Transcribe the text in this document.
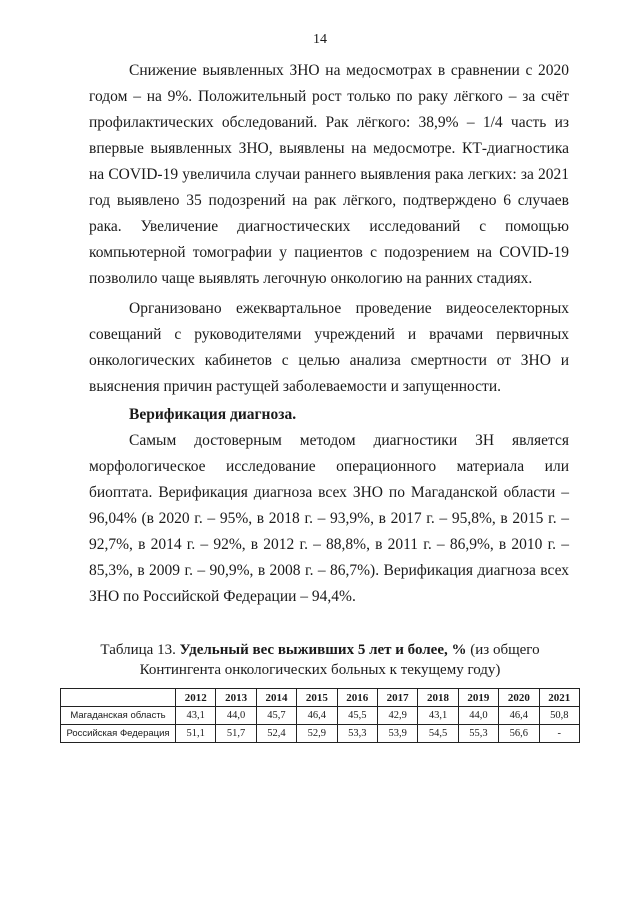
14

Снижение выявленных ЗНО на медосмотрах в сравнении с 2020 годом – на 9%. Положительный рост только по раку лёгкого – за счёт профилактических обследований. Рак лёгкого: 38,9% – 1/4 часть из впервые выявленных ЗНО, выявлены на медосмотре. КТ-диагностика на COVID-19 увеличила случаи раннего выявления рака легких: за 2021 год выявлено 35 подозрений на рак лёгкого, подтверждено 6 случаев рака. Увеличение диагностических исследований с помощью компьютерной томографии у пациентов с подозрением на COVID-19 позволило чаще выявлять легочную онкологию на ранних стадиях.

Организовано ежеквартальное проведение видеоселекторных совещаний с руководителями учреждений и врачами первичных онкологических кабинетов с целью анализа смертности от ЗНО и выяснения причин растущей заболеваемости и запущенности.

Верификация диагноза.

Самым достоверным методом диагностики ЗН является морфологическое исследование операционного материала или биоптата. Верификация диагноза всех ЗНО по Магаданской области – 96,04% (в 2020 г. – 95%, в 2018 г. – 93,9%, в 2017 г. – 95,8%, в 2015 г. – 92,7%, в 2014 г. – 92%, в 2012 г. – 88,8%, в 2011 г. – 86,9%, в 2010 г. – 85,3%, в 2009 г. – 90,9%, в 2008 г. – 86,7%). Верификация диагноза всех ЗНО по Российской Федерации – 94,4%.

Таблица 13. Удельный вес выживших 5 лет и более, % (из общего Контингента онкологических больных к текущему году)
	2012	2013	2014	2015	2016	2017	2018	2019	2020	2021
Магаданская область	43,1	44,0	45,7	46,4	45,5	42,9	43,1	44,0	46,4	50,8
Российская Федерация	51,1	51,7	52,4	52,9	53,3	53,9	54,5	55,3	56,6	-
